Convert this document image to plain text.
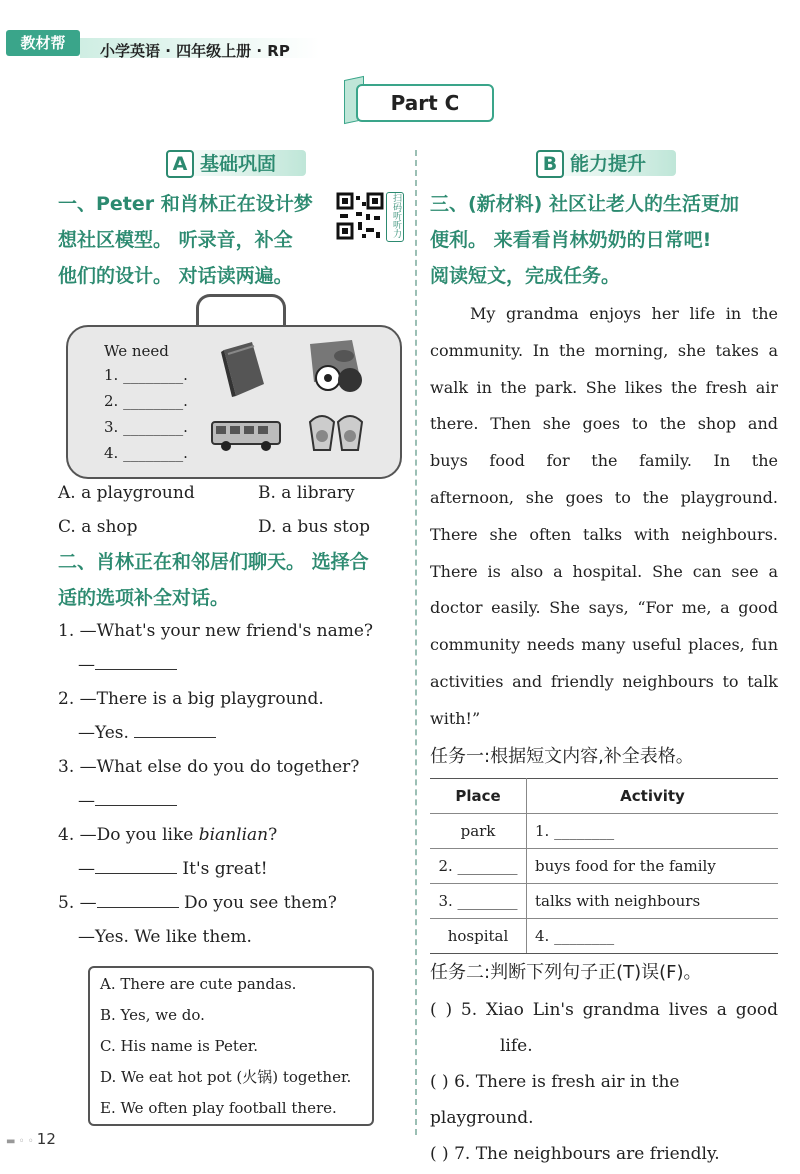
教材帮	小学英语 · 四年级上册 · RP
Part C
A 基础巩固
一、Peter 和肖林正在设计梦
想社区模型。 听录音，补全
他们的设计。 对话读两遍。
扫码听听力
We need
1. ________.
2. ________.
3. ________.
4. ________.
A. a playground	B. a library
C. a shop	D. a bus stop
二、肖林正在和邻居们聊天。 选择合
适的选项补全对话。
1. —What's your new friend's name?
—
2. —There is a big playground.
—Yes.
3. —What else do you do together?
—
4. —Do you like bianlian?
—	It's great!
5. —	Do you see them?
—Yes. We like them.
A. There are cute pandas.
B. Yes, we do.
C. His name is Peter.
D. We eat hot pot (火锅) together.
E. We often play football there.
B 能力提升
三、(新材料) 社区让老人的生活更加
便利。 来看看肖林奶奶的日常吧!
阅读短文，完成任务。
My grandma enjoys her life in the
community. In the morning, she takes a
walk in the park. She likes the fresh air
there. Then she goes to the shop and
buys food for the family. In the
afternoon, she goes to the playground.
There she often talks with neighbours.
There is also a hospital. She can see a
doctor easily. She says, “For me, a good
community needs many useful places, fun
activities and friendly neighbours to talk
with!”
任务一:根据短文内容,补全表格。
Place	Activity
park	1. ________
2. ________	buys food for the family
3. ________	talks with neighbours
hospital	4. ________
任务二:判断下列句子正(T)误(F)。
( ) 5. Xiao Lin's grandma lives a good
life.
( ) 6. There is fresh air in the playground.
( ) 7. The neighbours are friendly.
▬ ◦ ◦ 12
